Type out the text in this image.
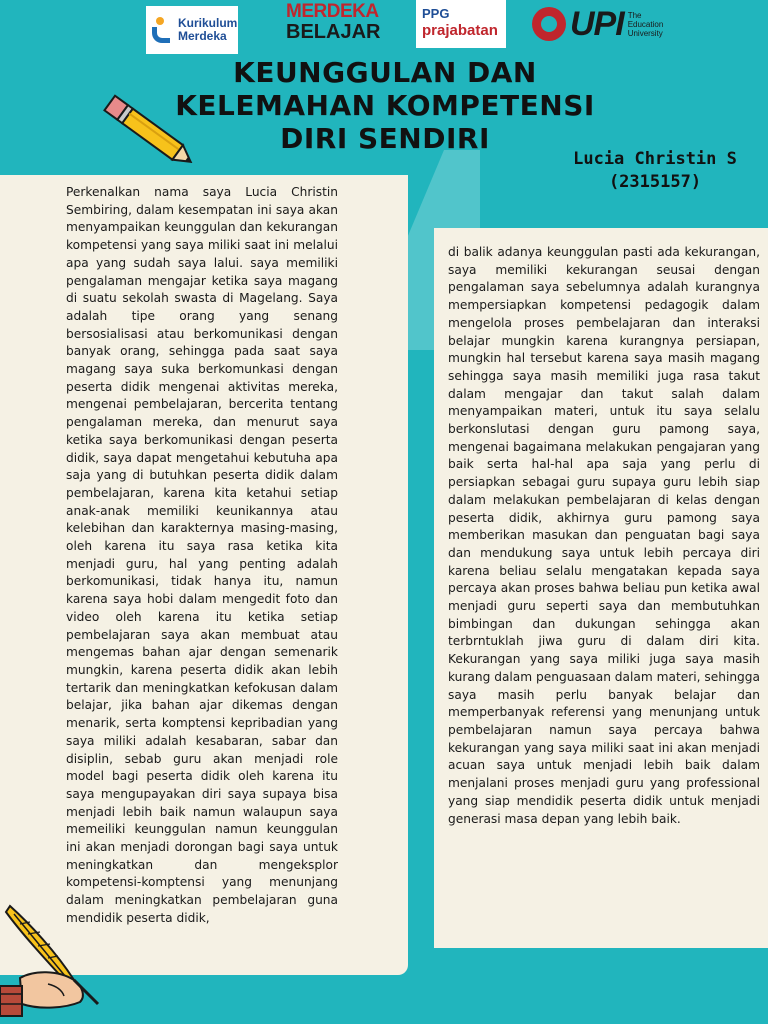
Kurikulum
Merdeka
MERDEKA
BELAJAR
PPG
prajabatan UPI The
Education
University
KEUNGGULAN DAN
KELEMAHAN KOMPETENSI
DIRI SENDIRI
Lucia Christin S
(2315157)

Perkenalkan nama saya Lucia Christin Sembiring, dalam kesempatan ini saya akan menyampaikan keunggulan dan kekurangan kompetensi yang saya miliki saat ini melalui apa yang sudah saya lalui. saya memiliki pengalaman mengajar ketika saya magang di suatu sekolah swasta di Magelang. Saya adalah tipe orang yang senang bersosialisasi atau berkomunikasi dengan banyak orang, sehingga pada saat saya magang saya suka berkomunkasi dengan peserta didik mengenai aktivitas mereka, mengenai pembelajaran, bercerita tentang pengalaman mereka, dan menurut saya ketika saya berkomunikasi dengan peserta didik, saya dapat mengetahui kebutuha apa saja yang di butuhkan peserta didik dalam pembelajaran, karena kita ketahui setiap anak-anak memiliki keunikannya atau kelebihan dan karakternya masing-masing, oleh karena itu saya rasa ketika kita menjadi guru, hal yang penting adalah berkomunikasi, tidak hanya itu, namun karena saya hobi dalam mengedit foto dan video oleh karena itu ketika setiap pembelajaran saya akan membuat atau mengemas bahan ajar dengan semenarik mungkin, karena peserta didik akan lebih tertarik dan meningkatkan kefokusan dalam belajar, jika bahan ajar dikemas dengan menarik, serta komptensi kepribadian yang saya miliki adalah kesabaran, sabar dan disiplin, sebab guru akan menjadi role model bagi peserta didik oleh karena itu saya mengupayakan diri saya supaya bisa menjadi lebih baik namun walaupun saya memeiliki keunggulan namun keunggulan ini akan menjadi dorongan bagi saya untuk meningkatkan dan mengeksplor kompetensi-komptensi yang menunjang dalam meningkatkan pembelajaran guna mendidik peserta didik,

di balik adanya keunggulan pasti ada kekurangan, saya memiliki kekurangan seusai dengan pengalaman saya sebelumnya adalah kurangnya mempersiapkan kompetensi pedagogik dalam mengelola proses pembelajaran dan interaksi belajar mungkin karena kurangnya persiapan, mungkin hal tersebut karena saya masih magang sehingga saya masih memiliki juga rasa takut dalam mengajar dan takut salah dalam menyampaikan materi, untuk itu saya selalu berkonslutasi dengan guru pamong saya, mengenai bagaimana melakukan pengajaran yang baik serta hal-hal apa saja yang perlu di persiapkan sebagai guru supaya guru lebih siap dalam melakukan pembelajaran di kelas dengan peserta didik, akhirnya guru pamong saya memberikan masukan dan penguatan bagi saya dan mendukung saya untuk lebih percaya diri karena beliau selalu mengatakan kepada saya percaya akan proses bahwa beliau pun ketika awal menjadi guru seperti saya dan membutuhkan bimbingan dan dukungan sehingga akan terbrntuklah jiwa guru di dalam diri kita. Kekurangan yang saya miliki juga saya masih kurang dalam penguasaan dalam materi, sehingga saya masih perlu banyak belajar dan memperbanyak referensi yang menunjang untuk pembelajaran namun saya percaya bahwa kekurangan yang saya miliki saat ini akan menjadi acuan saya untuk menjadi lebih baik dalam menjalani proses menjadi guru yang professional yang siap mendidik peserta didik untuk menjadi generasi masa depan yang lebih baik.
